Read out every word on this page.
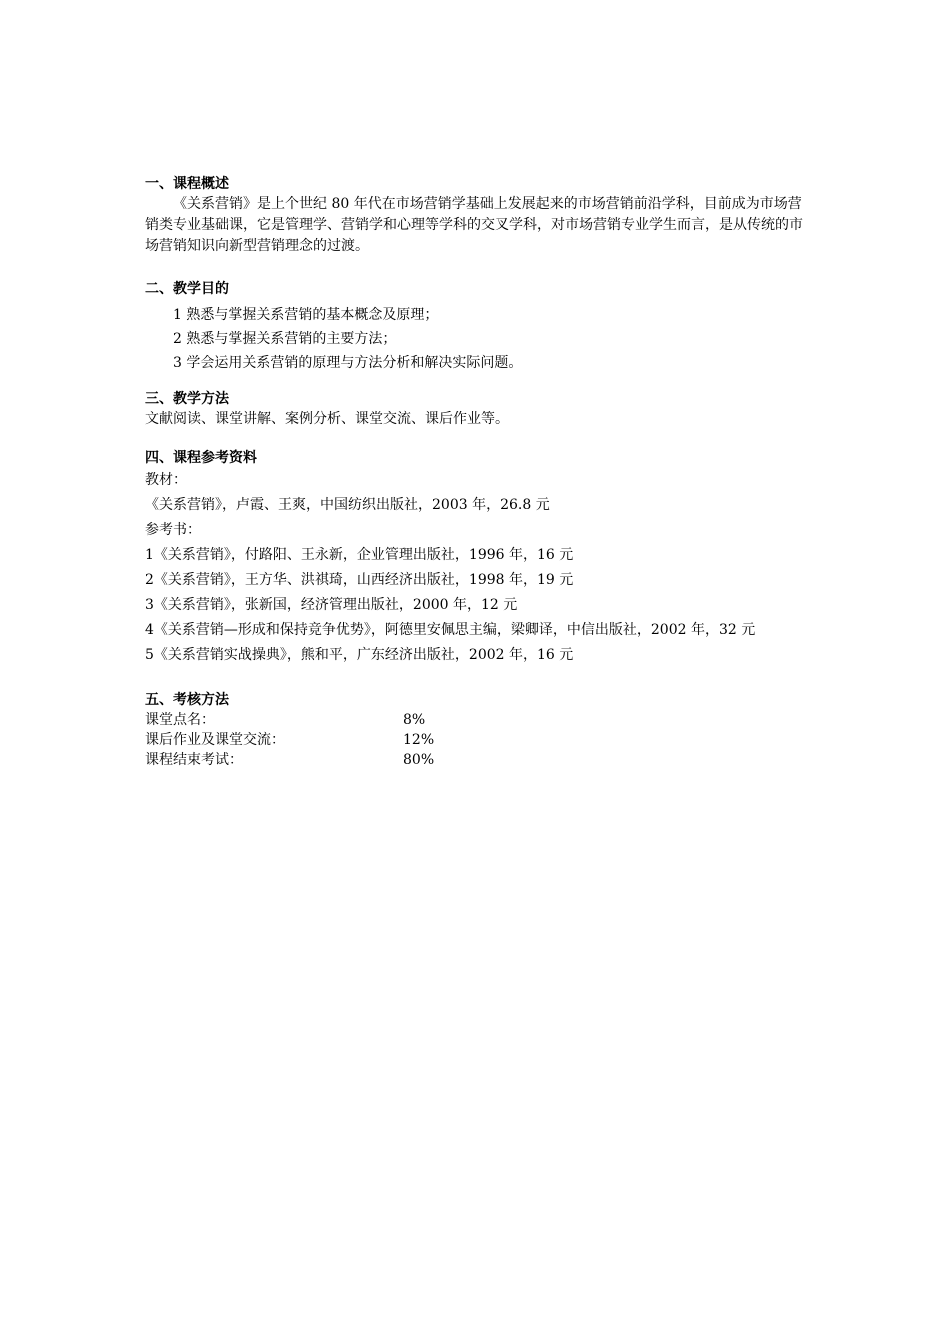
一、课程概述

《关系营销》是上个世纪 80 年代在市场营销学基础上发展起来的市场营销前沿学科，目前成为市场营销类专业基础课，它是管理学、营销学和心理等学科的交叉学科，对市场营销专业学生而言，是从传统的市场营销知识向新型营销理念的过渡。

二、教学目的

1 熟悉与掌握关系营销的基本概念及原理；

2 熟悉与掌握关系营销的主要方法；

3 学会运用关系营销的原理与方法分析和解决实际问题。

三、教学方法

文献阅读、课堂讲解、案例分析、课堂交流、课后作业等。

四、课程参考资料

教材：

《关系营销》，卢霞、王爽，中国纺织出版社，2003 年，26.8 元

参考书：

1《关系营销》，付路阳、王永新，企业管理出版社，1996 年，16 元

2《关系营销》，王方华、洪祺琦，山西经济出版社，1998 年，19 元

3《关系营销》，张新国，经济管理出版社，2000 年，12 元

4《关系营销—形成和保持竞争优势》，阿德里安佩思主编，梁卿译，中信出版社，2002 年，32 元

5《关系营销实战操典》，熊和平，广东经济出版社，2002 年，16 元

五、考核方法

课堂点名：	8%
课后作业及课堂交流：	12%
课程结束考试：	80%
